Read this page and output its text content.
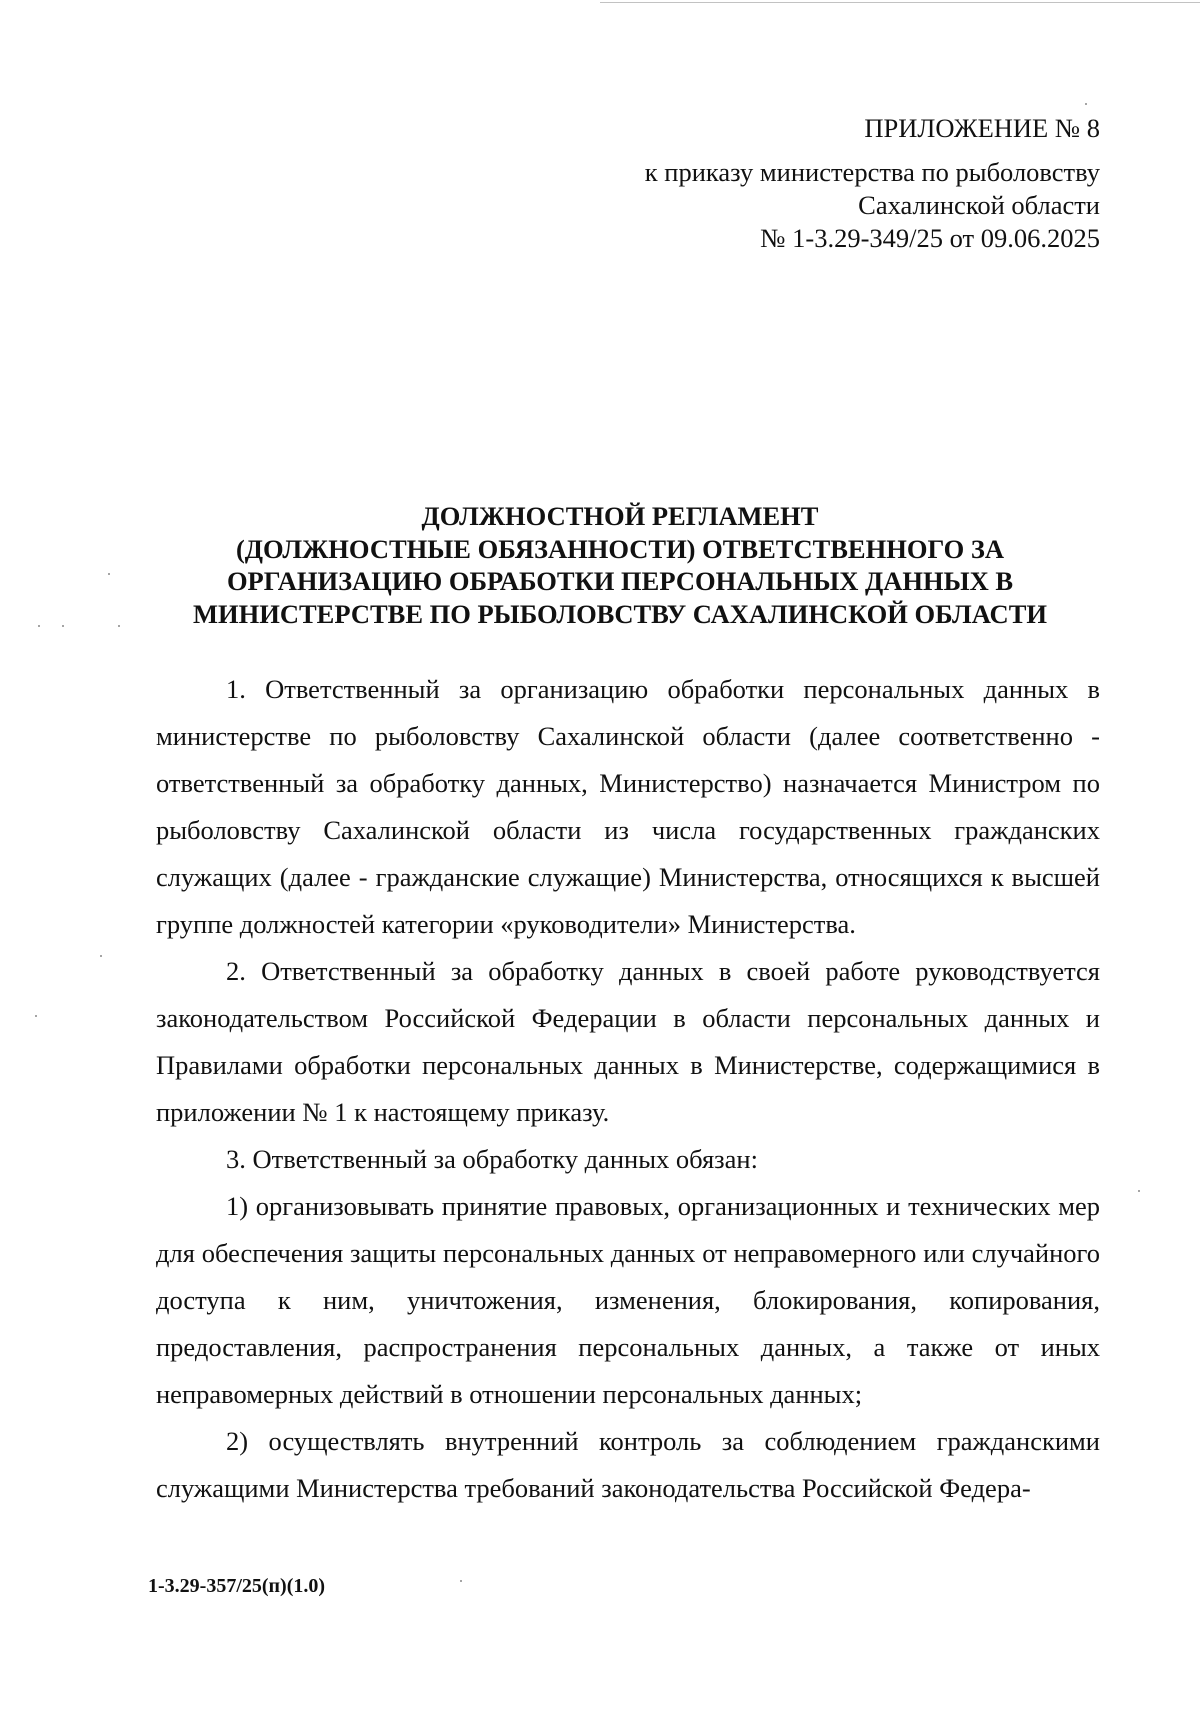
ПРИЛОЖЕНИЕ № 8
к приказу министерства по рыболовству
Сахалинской области
№ 1-3.29-349/25 от 09.06.2025
ДОЛЖНОСТНОЙ РЕГЛАМЕНТ
(ДОЛЖНОСТНЫЕ ОБЯЗАННОСТИ) ОТВЕТСТВЕННОГО ЗА
ОРГАНИЗАЦИЮ ОБРАБОТКИ ПЕРСОНАЛЬНЫХ ДАННЫХ В
МИНИСТЕРСТВЕ ПО РЫБОЛОВСТВУ САХАЛИНСКОЙ ОБЛАСТИ

1. Ответственный за организацию обработки персональных данных в министерстве по рыболовству Сахалинской области (далее соответственно - ответственный за обработку данных, Министерство) назначается Министром по рыболовству Сахалинской области из числа государственных гражданских служащих (далее - гражданские служащие) Министерства, относящихся к высшей группе должностей категории «руководители» Министерства.

2. Ответственный за обработку данных в своей работе руководствуется законодательством Российской Федерации в области персональных данных и Правилами обработки персональных данных в Министерстве, содержащимися в приложении № 1 к настоящему приказу.

3. Ответственный за обработку данных обязан:

1) организовывать принятие правовых, организационных и технических мер для обеспечения защиты персональных данных от неправомерного или случайного доступа к ним, уничтожения, изменения, блокирования, копирования, предоставления, распространения персональных данных, а также от иных неправомерных действий в отношении персональных данных;

2) осуществлять внутренний контроль за соблюдением гражданскими служащими Министерства требований законодательства Российской Федера-

1-3.29-357/25(п)(1.0)
